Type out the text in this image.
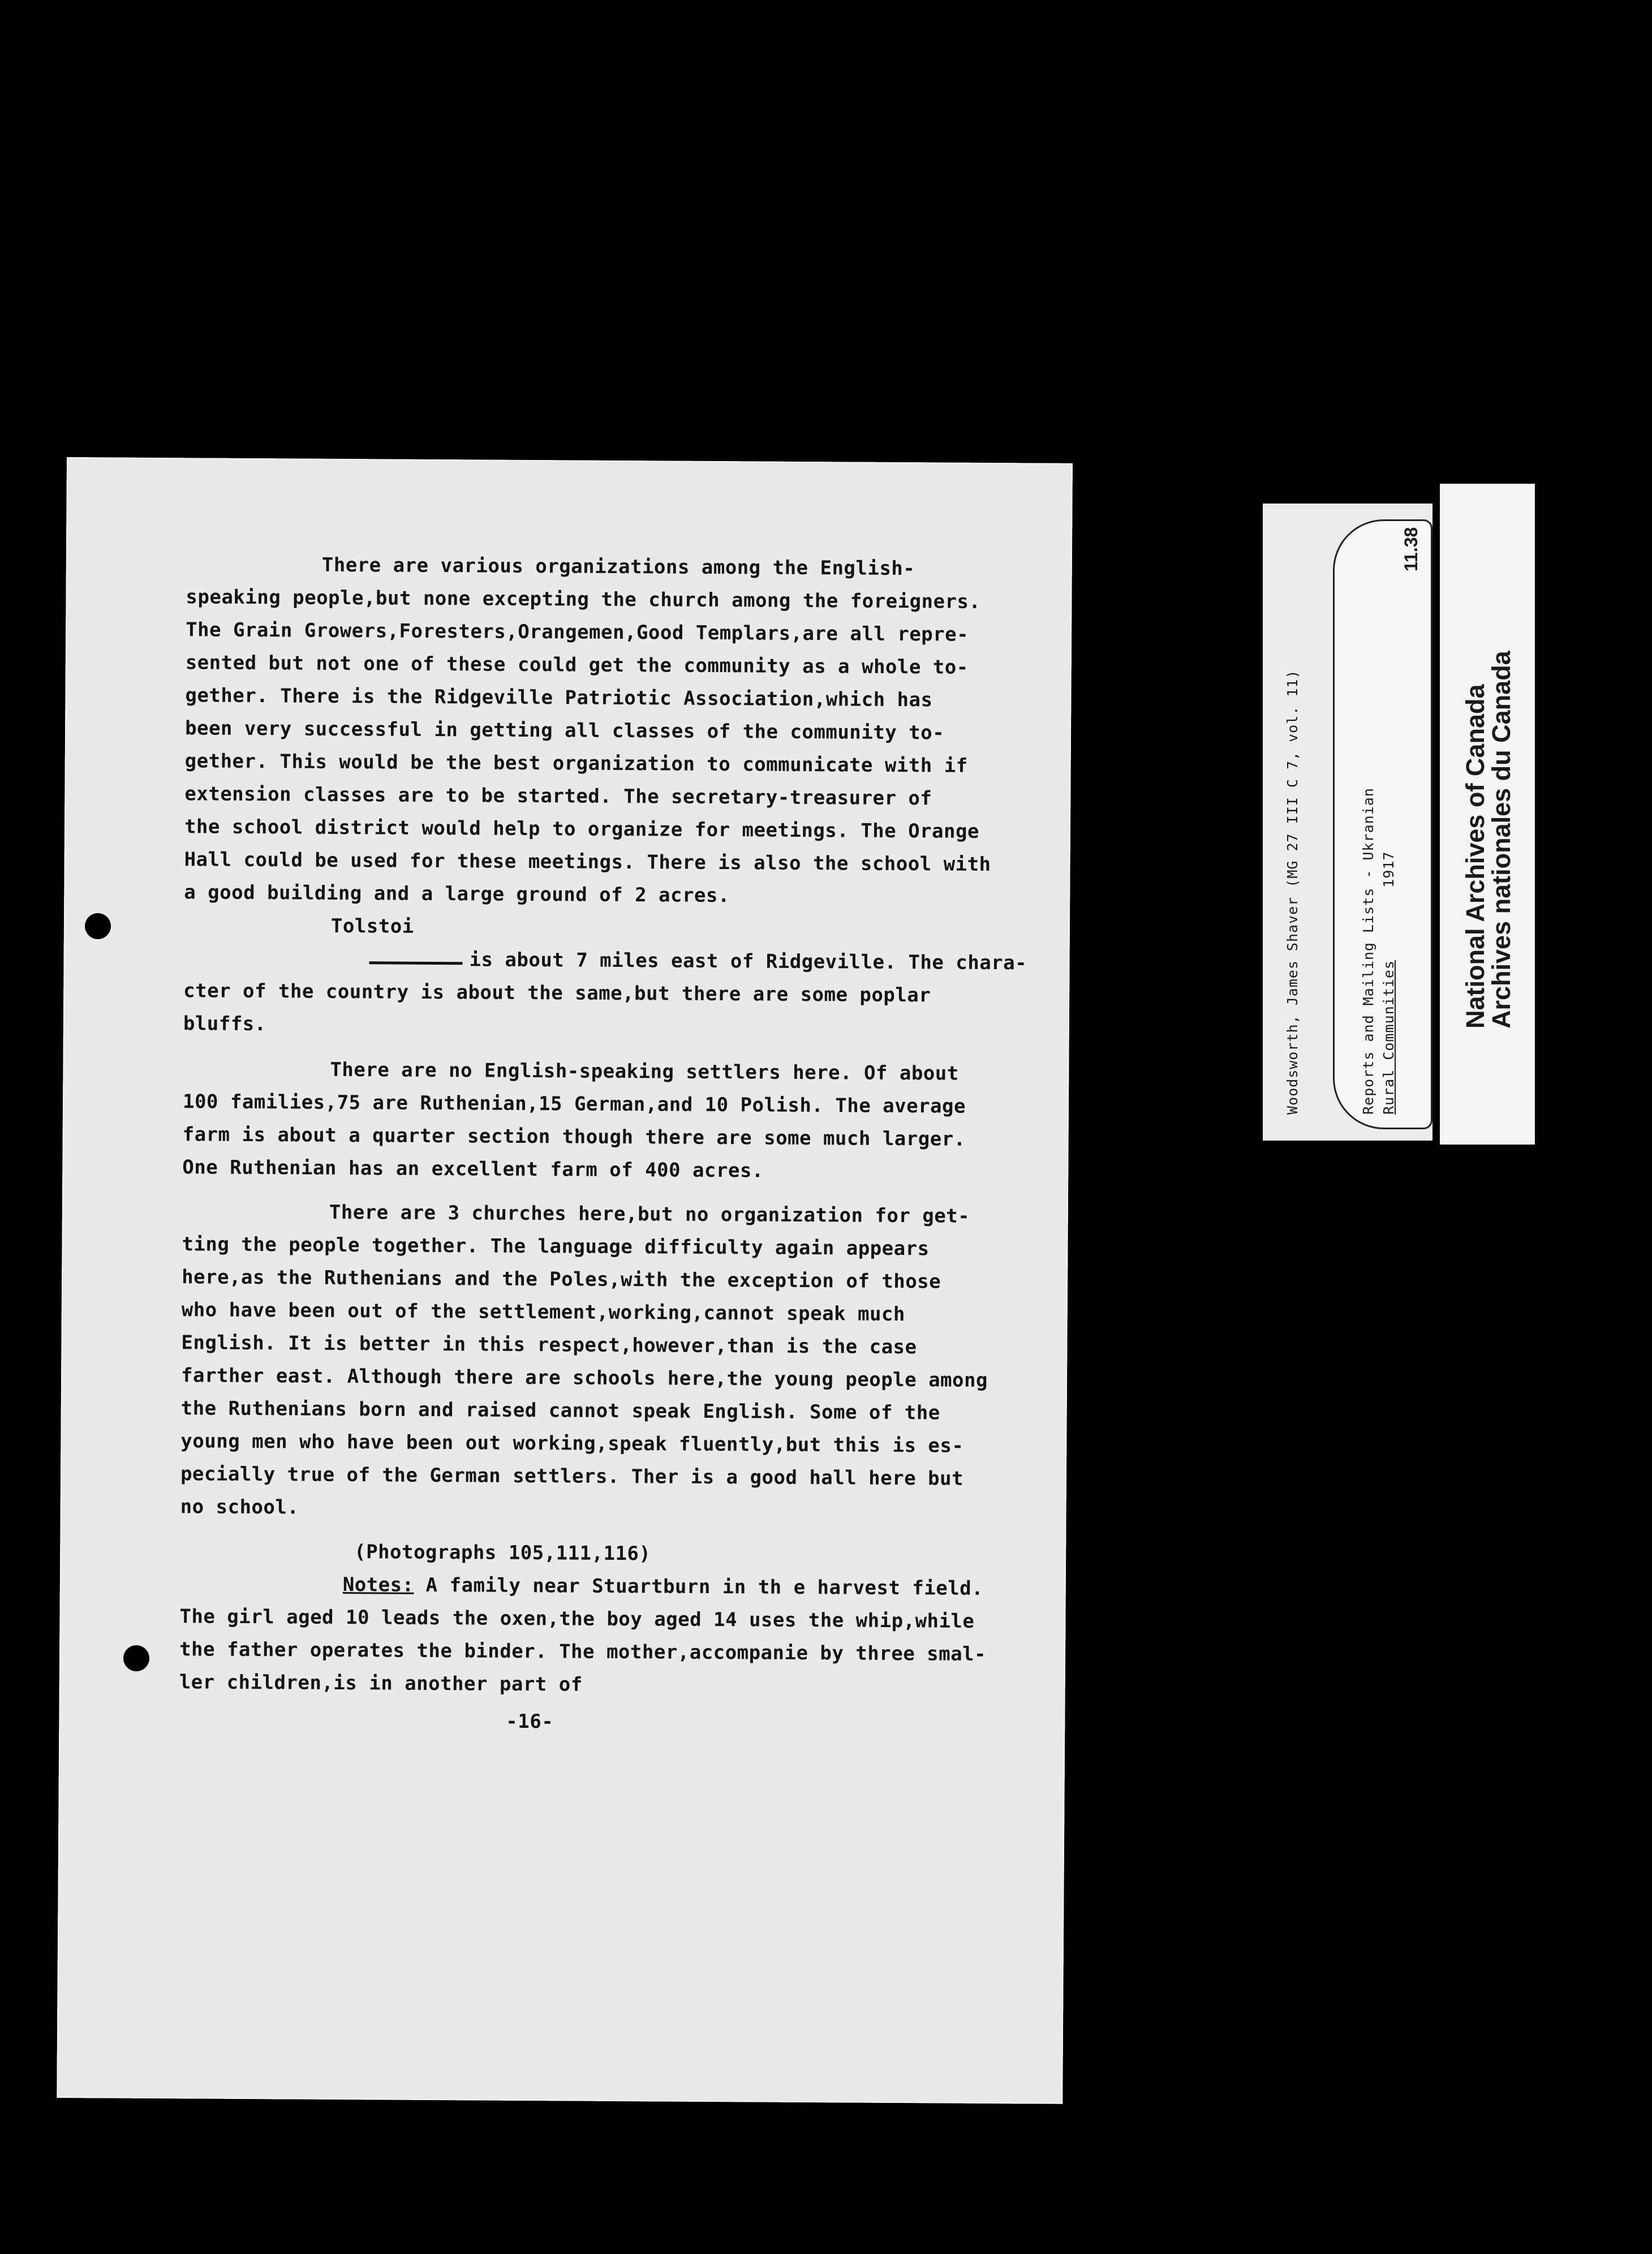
There are various organizations among the English-
speaking people,but none excepting the church among the foreigners.
The Grain Growers,Foresters,Orangemen,Good Templars,are all repre-
sented but not one of these could get the community as a whole to-
gether. There is the Ridgeville Patriotic Association,which has
been very successful in getting all classes of the community to-
gether. This would be the best organization to communicate with if
extension classes are to be started. The secretary-treasurer of
the school district would help to organize for meetings. The Orange
Hall could be used for these meetings. There is also the school with
a good building and a large ground of 2 acres.
Tolstoi
is about 7 miles east of Ridgeville. The chara-
cter of the country is about the same,but there are some poplar
bluffs.
There are no English-speaking settlers here. Of about
100 families,75 are Ruthenian,15 German,and 10 Polish. The average
farm is about a quarter section though there are some much larger.
One Ruthenian has an excellent farm of 400 acres.
There are 3 churches here,but no organization for get-
ting the people together. The language difficulty again appears
here,as the Ruthenians and the Poles,with the exception of those
who have been out of the settlement,working,cannot speak much
English. It is better in this respect,however,than is the case
farther east. Although there are schools here,the young people among
the Ruthenians born and raised cannot speak English. Some of the
young men who have been out working,speak fluently,but this is es-
pecially true of the German settlers. Ther is a good hall here but
no school.
(Photographs 105,111,116)
Notes: A family near Stuartburn in th e harvest field.
The girl aged 10 leads the oxen,the boy aged 14 uses the whip,while
the father operates the binder. The mother,accompanie by three smal-
ler children,is in another part of
-16-
Woodsworth, James Shaver (MG 27 III C 7, vol. 11)	Reports and Mailing Lists - Ukranian Rural Communities        1917
11.38
National Archives of Canada
Archives nationales du Canada
